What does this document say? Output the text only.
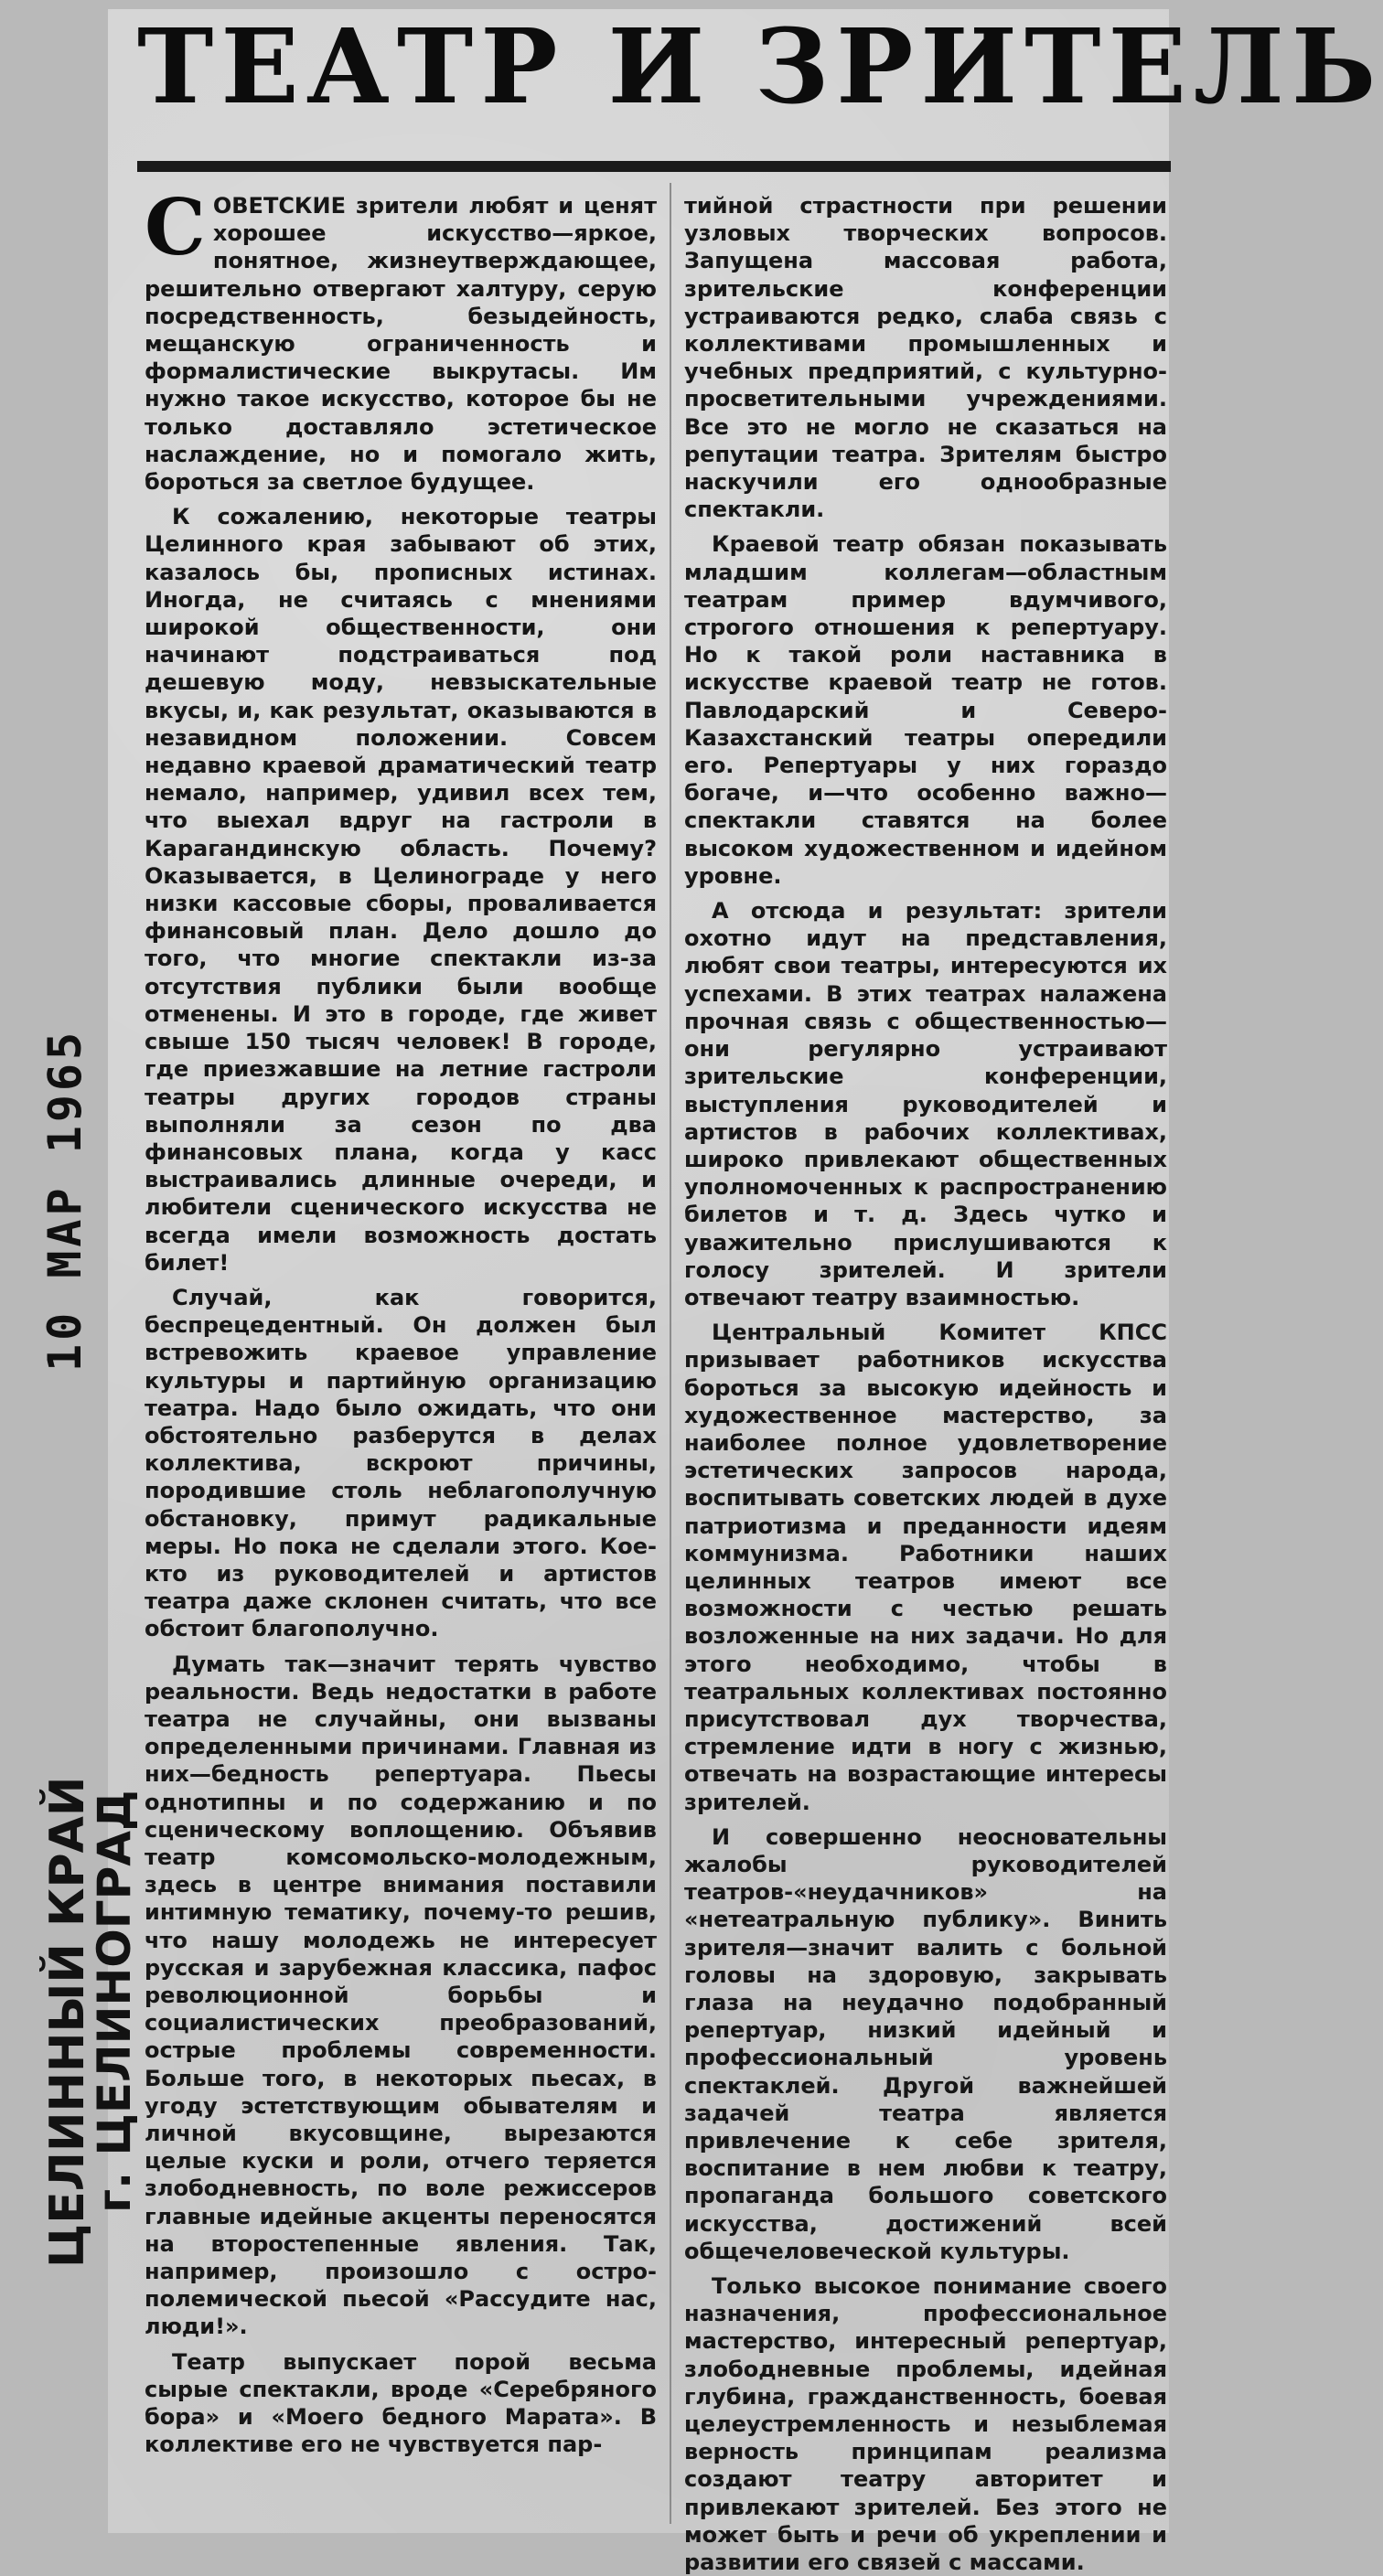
ТЕАТР И ЗРИТЕЛЬ

СОВЕТСКИЕ зрители любят и ценят хорошее искусство—яркое, понятное, жизнеутверждающее, решительно отвергают халтуру, серую посредственность, безыдейность, мещанскую ограниченность и формалистические выкрутасы. Им нужно такое искусство, которое бы не только доставляло эстетическое наслаждение, но и помогало жить, бороться за светлое будущее.

К сожалению, некоторые театры Целинного края забывают об этих, казалось бы, прописных истинах. Иногда, не считаясь с мнениями широкой общественности, они начинают подстраиваться под дешевую моду, невзыскательные вкусы, и, как результат, оказываются в незавидном положении. Совсем недавно краевой драматический театр немало, например, удивил всех тем, что выехал вдруг на гастроли в Карагандинскую область. Почему? Оказывается, в Целинограде у него низки кассовые сборы, проваливается финансовый план. Дело дошло до того, что многие спектакли из-за отсутствия публики были вообще отменены. И это в городе, где живет свыше 150 тысяч человек! В городе, где приезжавшие на летние гастроли театры других городов страны выполняли за сезон по два финансовых плана, когда у касс выстраивались длинные очереди, и любители сценического искусства не всегда имели возможность достать билет!

Случай, как говорится, беспрецедентный. Он должен был встревожить краевое управление культуры и партийную организацию театра. Надо было ожидать, что они обстоятельно разберутся в делах коллектива, вскроют причины, породившие столь неблагополучную обстановку, примут радикальные меры. Но пока не сделали этого. Кое-кто из руководителей и артистов театра даже склонен считать, что все обстоит благополучно.

Думать так—значит терять чувство реальности. Ведь недостатки в работе театра не случайны, они вызваны определенными причинами. Главная из них—бедность репертуара. Пьесы однотипны и по содержанию и по сценическому воплощению. Объявив театр комсомольско-молодежным, здесь в центре внимания поставили интимную тематику, почему-то решив, что нашу молодежь не интересует русская и зарубежная классика, пафос революционной борьбы и социалистических преобразований, острые проблемы современности. Больше того, в некоторых пьесах, в угоду эстетствующим обывателям и личной вкусовщине, вырезаются целые куски и роли, отчего теряется злободневность, по воле режиссеров главные идейные акценты переносятся на второстепенные явления. Так, например, произошло с остро-полемической пьесой «Рассудите нас, люди!».

Театр выпускает порой весьма сырые спектакли, вроде «Серебряного бора» и «Моего бедного Марата». В коллективе его не чувствуется пар-

тийной страстности при решении узловых творческих вопросов. Запущена массовая работа, зрительские конференции устраиваются редко, слаба связь с коллективами промышленных и учебных предприятий, с культурно-просветительными учреждениями. Все это не могло не сказаться на репутации театра. Зрителям быстро наскучили его однообразные спектакли.

Краевой театр обязан показывать младшим коллегам—областным театрам пример вдумчивого, строгого отношения к репертуару. Но к такой роли наставника в искусстве краевой театр не готов. Павлодарский и Северо-Казахстанский театры опередили его. Репертуары у них гораздо богаче, и—что особенно важно—спектакли ставятся на более высоком художественном и идейном уровне.

А отсюда и результат: зрители охотно идут на представления, любят свои театры, интересуются их успехами. В этих театрах налажена прочная связь с общественностью—они регулярно устраивают зрительские конференции, выступления руководителей и артистов в рабочих коллективах, широко привлекают общественных уполномоченных к распространению билетов и т. д. Здесь чутко и уважительно прислушиваются к голосу зрителей. И зрители отвечают театру взаимностью.

Центральный Комитет КПСС призывает работников искусства бороться за высокую идейность и художественное мастерство, за наиболее полное удовлетворение эстетических запросов народа, воспитывать советских людей в духе патриотизма и преданности идеям коммунизма. Работники наших целинных театров имеют все возможности с честью решать возложенные на них задачи. Но для этого необходимо, чтобы в театральных коллективах постоянно присутствовал дух творчества, стремление идти в ногу с жизнью, отвечать на возрастающие интересы зрителей.

И совершенно неосновательны жалобы руководителей театров-«неудачников» на «нетеатральную публику». Винить зрителя—значит валить с больной головы на здоровую, закрывать глаза на неудачно подобранный репертуар, низкий идейный и профессиональный уровень спектаклей. Другой важнейшей задачей театра является привлечение к себе зрителя, воспитание в нем любви к театру, пропаганда большого советского искусства, достижений всей общечеловеческой культуры.

Только высокое понимание своего назначения, профессиональное мастерство, интересный репертуар, злободневные проблемы, идейная глубина, гражданственность, боевая целеустремленность и незыблемая верность принципам реализма создают театру авторитет и привлекают зрителей. Без этого не может быть и речи об укреплении и развитии его связей с массами.

10 МАР 1965
ЦЕЛИННЫЙ КРАЙ
г. ЦЕЛИНОГРАД
